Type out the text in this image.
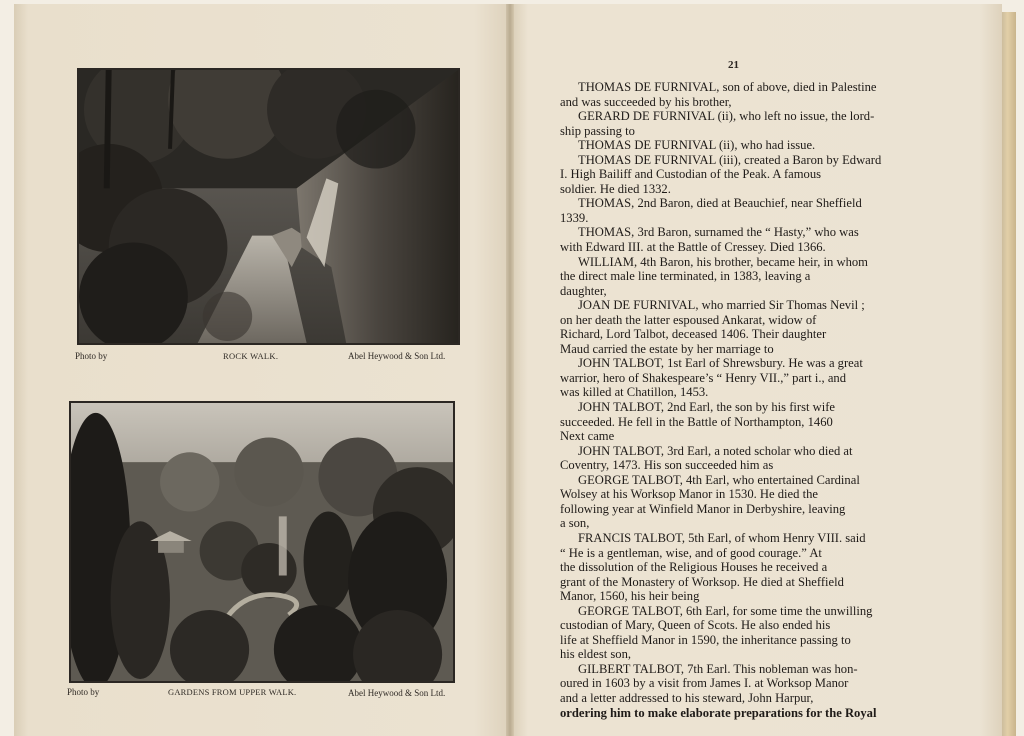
Photo by	ROCK WALK.	Abel Heywood & Son Ltd.
Photo by	GARDENS FROM UPPER WALK.	Abel Heywood & Son Ltd.
21
THOMAS DE FURNIVAL, son of above, died in Palestine
and was succeeded by his brother,
GERARD DE FURNIVAL (ii), who left no issue, the lord-
ship passing to
THOMAS DE FURNIVAL (ii), who had issue.
THOMAS DE FURNIVAL (iii), created a Baron by Edward
I. High Bailiff and Custodian of the Peak. A famous
soldier. He died 1332.
THOMAS, 2nd Baron, died at Beauchief, near Sheffield
1339.
THOMAS, 3rd Baron, surnamed the “ Hasty,” who was
with Edward III. at the Battle of Cressey. Died 1366.
WILLIAM, 4th Baron, his brother, became heir, in whom
the direct male line terminated, in 1383, leaving a
daughter,
JOAN DE FURNIVAL, who married Sir Thomas Nevil ;
on her death the latter espoused Ankarat, widow of
Richard, Lord Talbot, deceased 1406. Their daughter
Maud carried the estate by her marriage to
JOHN TALBOT, 1st Earl of Shrewsbury. He was a great
warrior, hero of Shakespeare’s “ Henry VII.,” part i., and
was killed at Chatillon, 1453.
JOHN TALBOT, 2nd Earl, the son by his first wife
succeeded. He fell in the Battle of Northampton, 1460
Next came
JOHN TALBOT, 3rd Earl, a noted scholar who died at
Coventry, 1473. His son succeeded him as
GEORGE TALBOT, 4th Earl, who entertained Cardinal
Wolsey at his Worksop Manor in 1530. He died the
following year at Winfield Manor in Derbyshire, leaving
a son,
FRANCIS TALBOT, 5th Earl, of whom Henry VIII. said
“ He is a gentleman, wise, and of good courage.” At
the dissolution of the Religious Houses he received a
grant of the Monastery of Worksop. He died at Sheffield
Manor, 1560, his heir being
GEORGE TALBOT, 6th Earl, for some time the unwilling
custodian of Mary, Queen of Scots. He also ended his
life at Sheffield Manor in 1590, the inheritance passing to
his eldest son,
GILBERT TALBOT, 7th Earl. This nobleman was hon-
oured in 1603 by a visit from James I. at Worksop Manor
and a letter addressed to his steward, John Harpur,
ordering him to make elaborate preparations for the Royal
